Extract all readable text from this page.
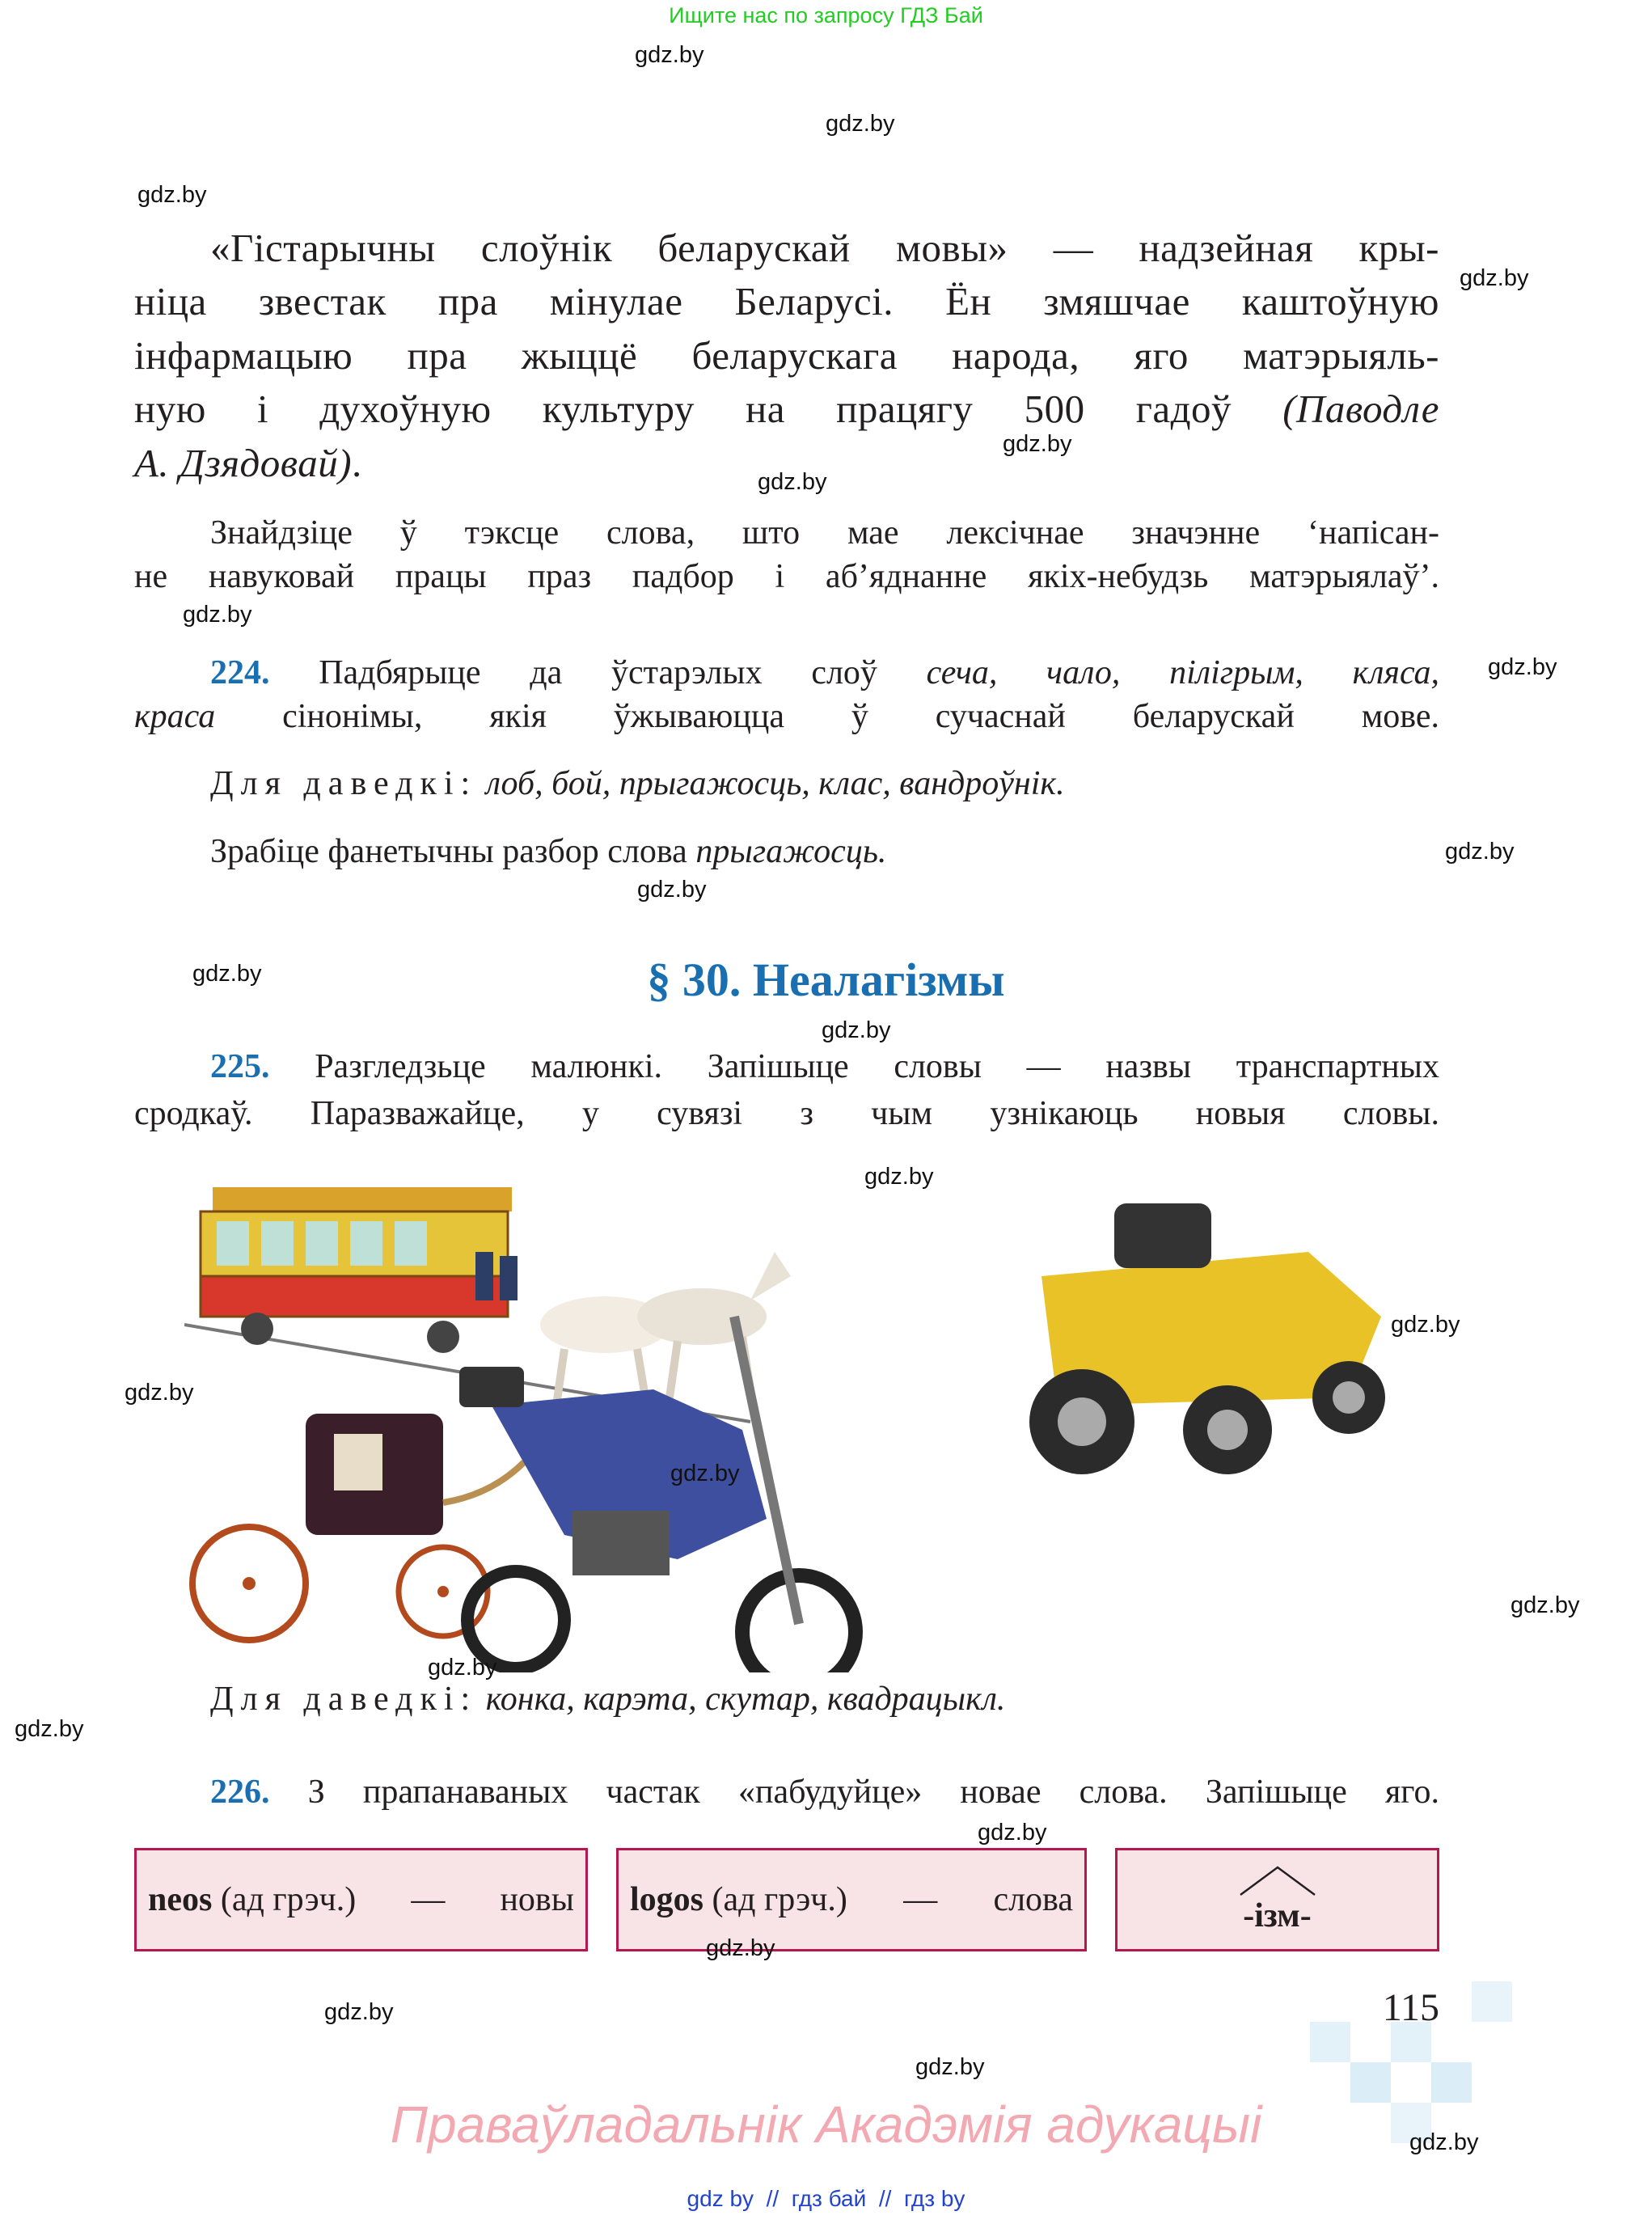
Ищите нас по запросу ГДЗ Бай
gdz.by
gdz.by
gdz.by
gdz.by
gdz.by
gdz.by
gdz.by
gdz.by
gdz.by
gdz.by
gdz.by
gdz.by
gdz.by
gdz.by
gdz.by
gdz.by
gdz.by
gdz.by
gdz.by
gdz.by
gdz.by
gdz.by
gdz.by
gdz.by
«Гістарычны слоўнік беларускай мовы» — надзейная кры-
ніца звестак пра мінулае Беларусі. Ён змяшчае каштоўную
інфармацыю пра жыццё беларускага народа, яго матэрыяль-
ную і духоўную культуру на працягу 500 гадоў (Паводле
А. Дзядовай).
Знайдзіце ў тэксце слова, што мае лексічнае значэнне ‘напісан-
не навуковай працы праз падбор і аб’яднанне якіх-небудзь матэрыялаў’.
224. Падбярыце да ўстарэлых слоў сеча, чало, пілігрым, кляса,
краса сінонімы, якія ўжываюцца ў сучаснай беларускай мове.
Для даведкі: лоб, бой, прыгажосць, клас, вандроўнік.
Зрабіце фанетычны разбор слова прыгажосць.
§ 30. Неалагізмы
225. Разгледзьце малюнкі. Запішыце словы — назвы транспартных
сродкаў. Паразважайце, у сувязі з чым узнікаюць новыя словы.
Для даведкі: конка, карэта, скутар, квадрацыкл.
226. З прапанаваных частак «пабудуйце» новае слова. Запішыце яго.
neos (ад грэч.) — новы logos (ад грэч.) — слова	-ізм-
115
Праваўладальнік Акадэмія адукацыі
gdz by // гдз бай // гдз by
